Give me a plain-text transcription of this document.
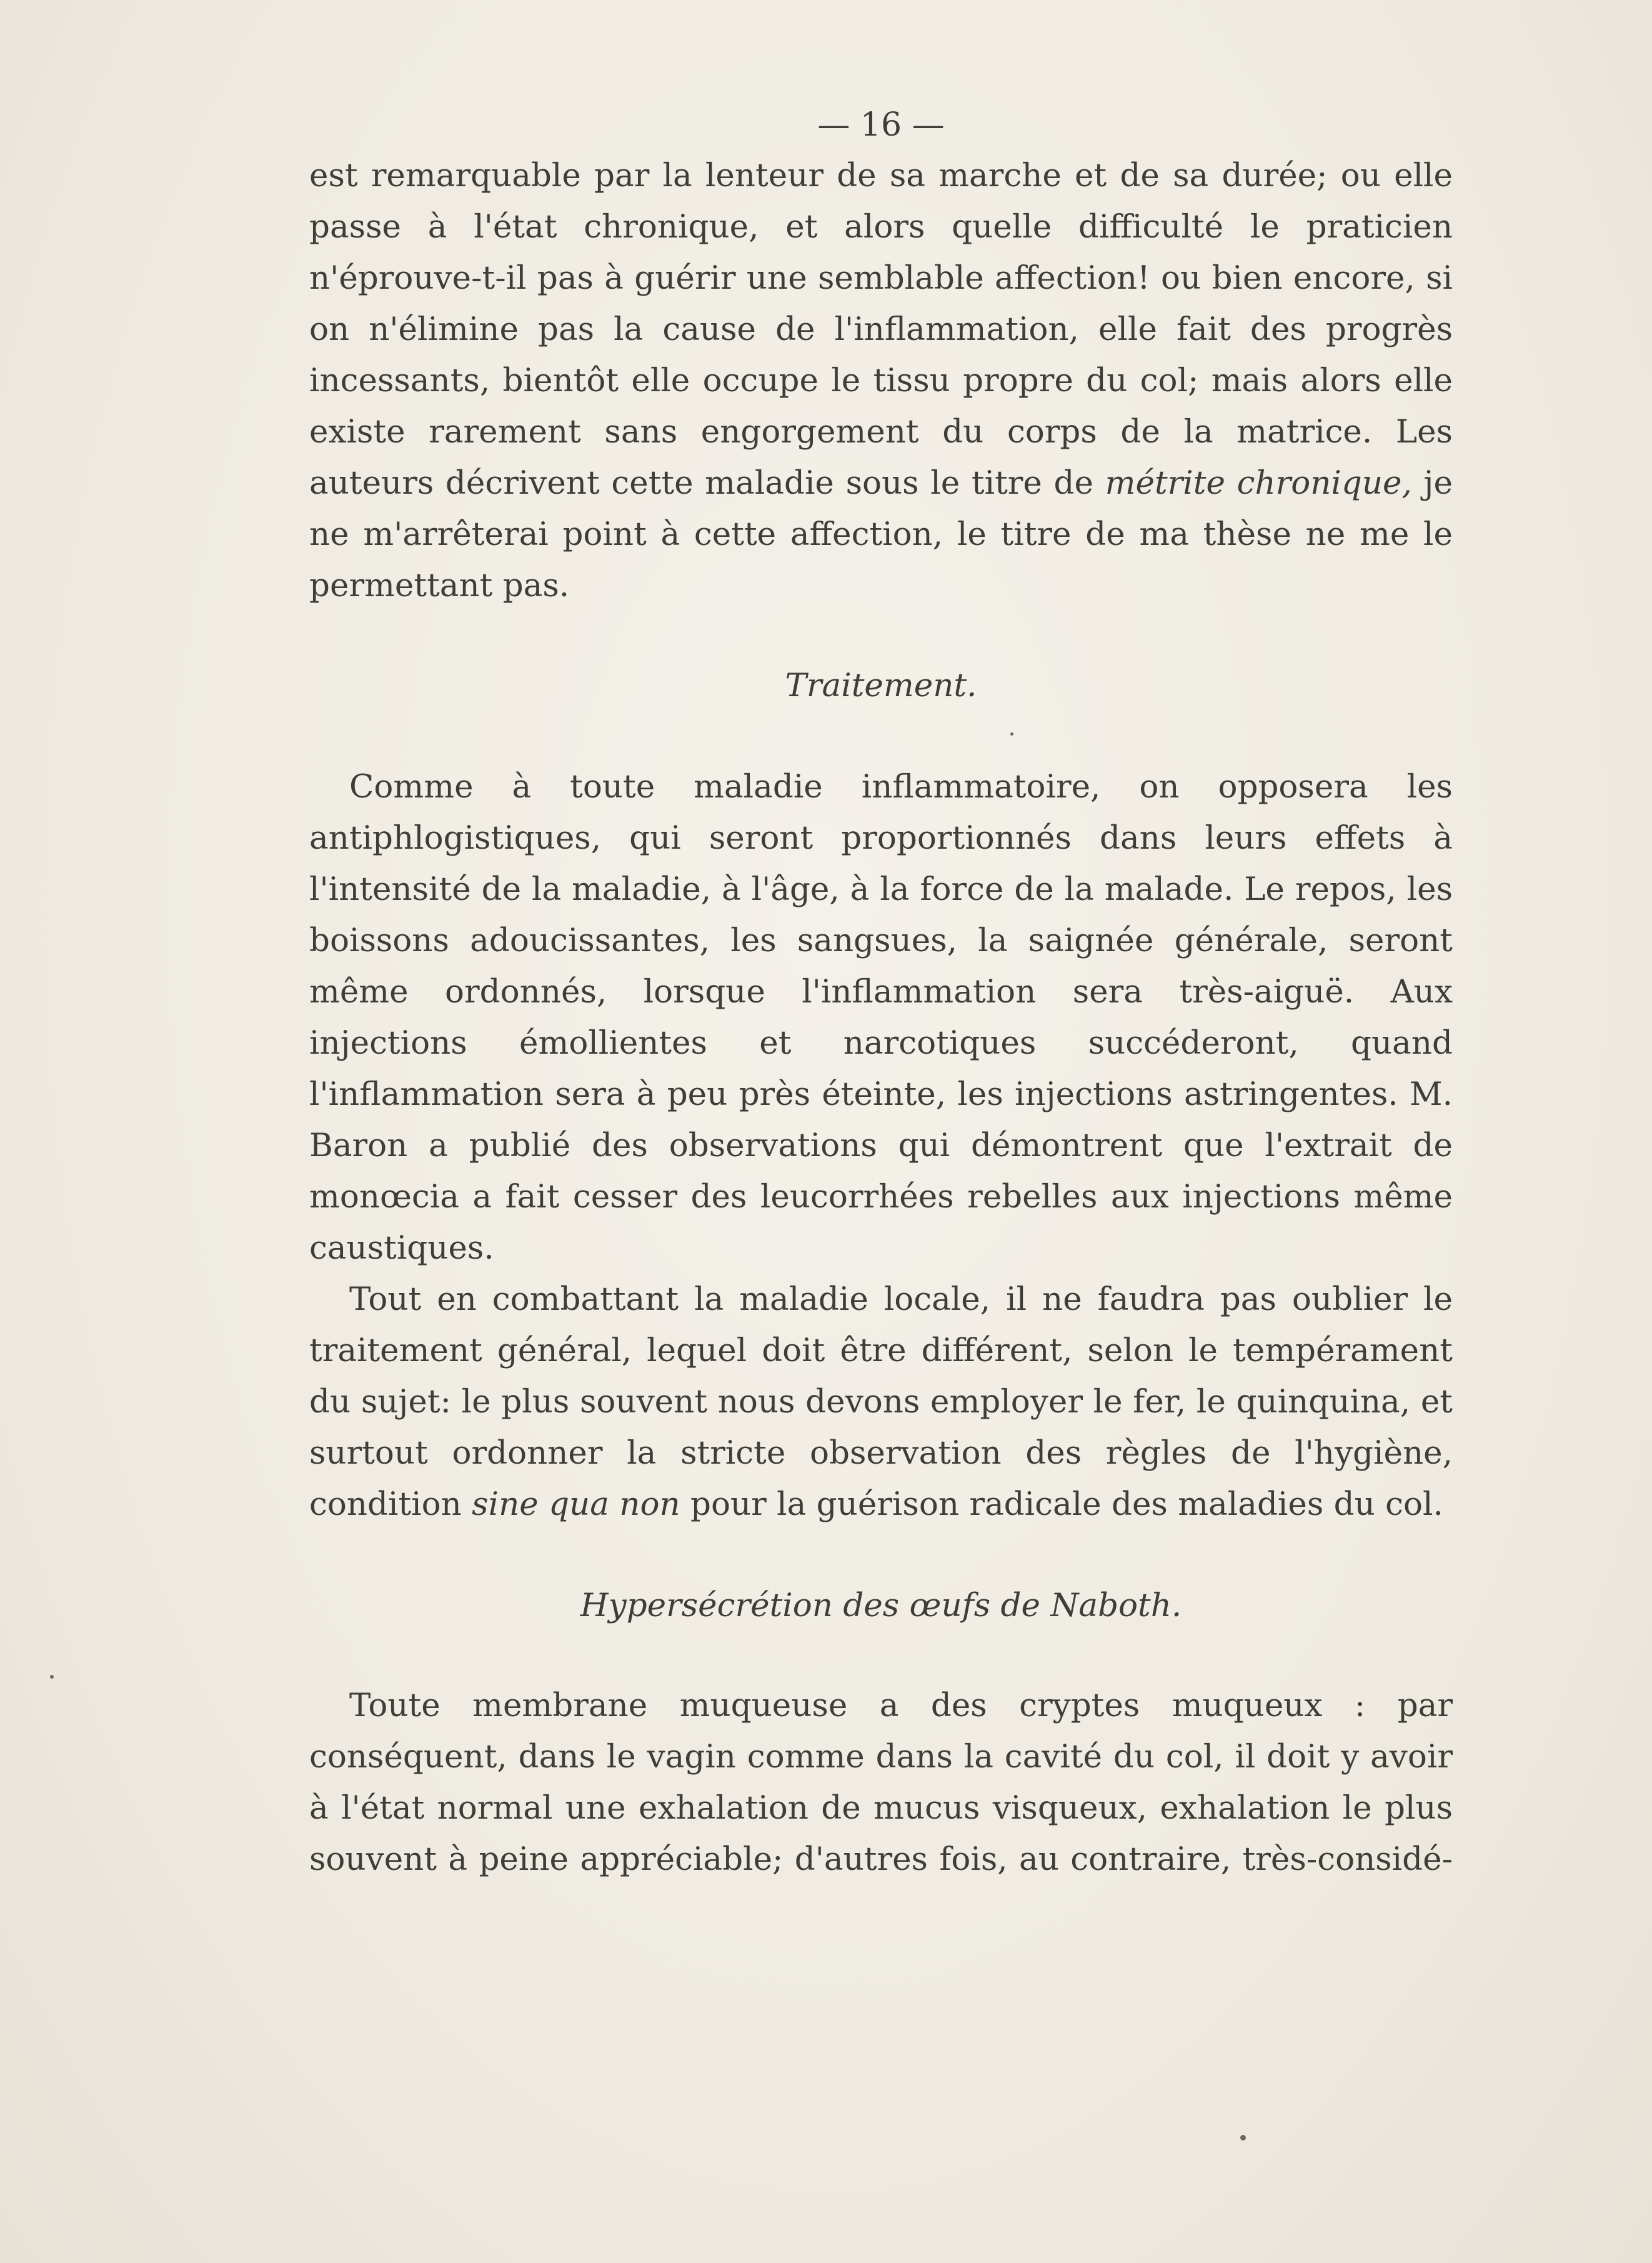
— 16 —

est remarquable par la lenteur de sa marche et de sa durée; ou elle passe à l'état chronique, et alors quelle difficulté le praticien n'éprouve-t-il pas à guérir une semblable affection! ou bien encore, si on n'élimine pas la cause de l'inflammation, elle fait des progrès incessants, bientôt elle occupe le tissu propre du col; mais alors elle existe rarement sans engorgement du corps de la matrice. Les auteurs décrivent cette maladie sous le titre de métrite chronique, je ne m'arrêterai point à cette affection, le titre de ma thèse ne me le permettant pas.

Traitement.

Comme à toute maladie inflammatoire, on opposera les antiphlogistiques, qui seront proportionnés dans leurs effets à l'intensité de la maladie, à l'âge, à la force de la malade. Le repos, les boissons adoucissantes, les sangsues, la saignée générale, seront même ordonnés, lorsque l'inflammation sera très-aiguë. Aux injections émollientes et narcotiques succéderont, quand l'inflammation sera à peu près éteinte, les injections astringentes. M. Baron a publié des observations qui démontrent que l'extrait de monœcia a fait cesser des leucorrhées rebelles aux injections même caustiques.

Tout en combattant la maladie locale, il ne faudra pas oublier le traitement général, lequel doit être différent, selon le tempérament du sujet: le plus souvent nous devons employer le fer, le quinquina, et surtout ordonner la stricte observation des règles de l'hygiène, condition sine qua non pour la guérison radicale des maladies du col.

Hypersécrétion des œufs de Naboth.

Toute membrane muqueuse a des cryptes muqueux : par conséquent, dans le vagin comme dans la cavité du col, il doit y avoir à l'état normal une exhalation de mucus visqueux, exhalation le plus souvent à peine appréciable; d'autres fois, au contraire, très-considé-
